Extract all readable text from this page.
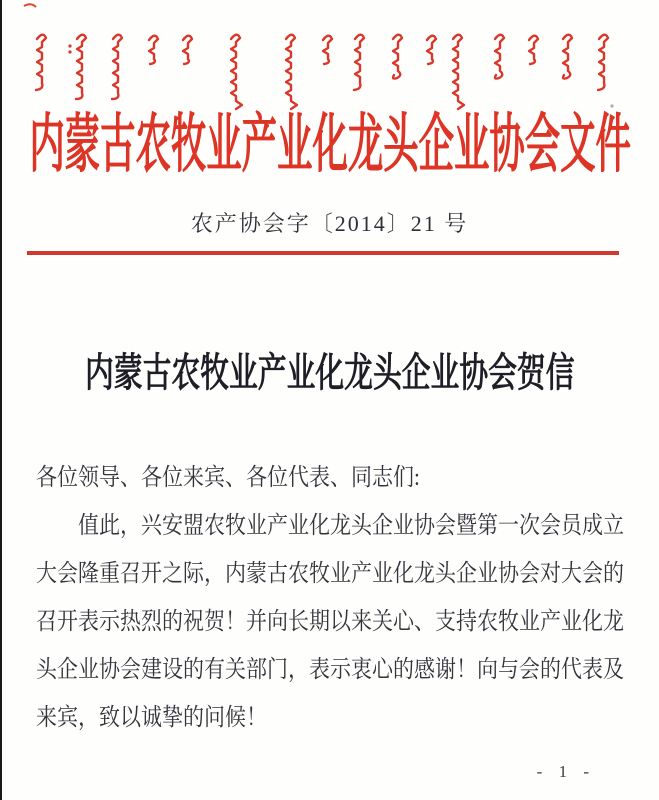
内蒙古农牧业产业化龙头企业协会文件
农产协会字〔2014〕21 号
内蒙古农牧业产业化龙头企业协会贺信
各位领导、各位来宾、各位代表、同志们:
值此，兴安盟农牧业产业化龙头企业协会暨第一次会员成立
大会隆重召开之际，内蒙古农牧业产业化龙头企业协会对大会的
召开表示热烈的祝贺！并向长期以来关心、支持农牧业产业化龙
头企业协会建设的有关部门，表示衷心的感谢！向与会的代表及
来宾，致以诚挚的问候！
- 1 -
